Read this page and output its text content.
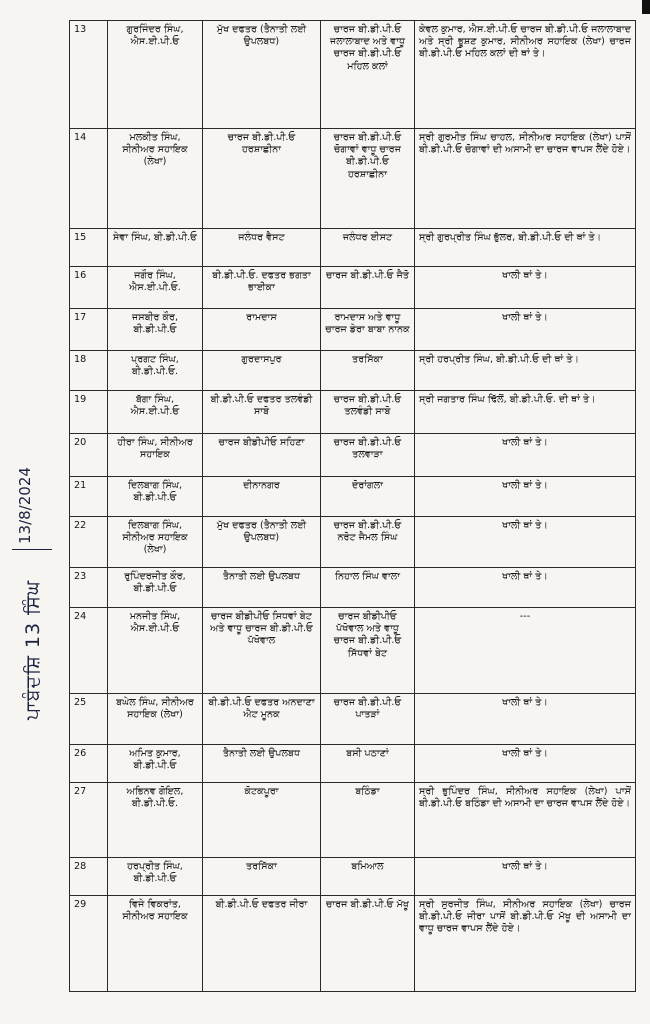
13	ਗੁਰਜਿੰਦਰ ਸਿੰਘ, ਐਸ.ਈ.ਪੀ.ਓ	ਮੁੱਖ ਦਫਤਰ (ਤੈਨਾਤੀ ਲਈ ਉਪਲਬਧ)	ਚਾਰਜ ਬੀ.ਡੀ.ਪੀ.ਓ ਜਲਾਲਾਬਾਦ ਅਤੇ ਵਾਧੂ ਚਾਰਜ ਬੀ.ਡੀ.ਪੀ.ਓ ਮਹਿਲ ਕਲਾਂ	ਕੇਵਲ ਕੁਮਾਰ, ਐਸ.ਈ.ਪੀ.ਓ ਚਾਰਜ ਬੀ.ਡੀ.ਪੀ.ਓ ਜਲਾਲਾਬਾਦ ਅਤੇ ਸ੍ਰੀ ਭੂਸ਼ਣ ਕੁਮਾਰ, ਸੀਨੀਅਰ ਸਹਾਇਕ (ਲੇਖਾ) ਚਾਰਜ ਬੀ.ਡੀ.ਪੀ.ਓ ਮਹਿਲ ਕਲਾਂ ਦੀ ਥਾਂ ਤੇ।
14	ਮਲਕੀਤ ਸਿੰਘ, ਸੀਨੀਅਰ ਸਹਾਇਕ (ਲੇਖਾ)	ਚਾਰਜ ਬੀ.ਡੀ.ਪੀ.ਓ ਹਰਸ਼ਾਛੀਨਾ	ਚਾਰਜ ਬੀ.ਡੀ.ਪੀ.ਓ ਚੋਗਾਵਾਂ ਵਾਧੂ ਚਾਰਜ ਬੀ.ਡੀ.ਪੀ.ਓ ਹਰਸ਼ਾਛੀਨਾ	ਸ੍ਰੀ ਗੁਰਮੀਤ ਸਿੰਘ ਚਾਹਲ, ਸੀਨੀਅਰ ਸਹਾਇਕ (ਲੇਖਾ) ਪਾਸੋਂ ਬੀ.ਡੀ.ਪੀ.ਓ ਚੋਗਾਵਾਂ ਦੀ ਅਸਾਮੀ ਦਾ ਚਾਰਜ ਵਾਪਸ ਲੈਂਦੇ ਹੋਏ।
15	ਸੇਵਾ ਸਿੰਘ, ਬੀ.ਡੀ.ਪੀ.ਓ	ਜਲੰਧਰ ਵੈਸਟ	ਜਲੰਧਰ ਈਸਟ	ਸ੍ਰੀ ਗੁਰਪ੍ਰੀਤ ਸਿੰਘ ਭੁੱਲਰ, ਬੀ.ਡੀ.ਪੀ.ਓ ਦੀ ਥਾਂ ਤੇ।
16	ਜਗੌਰ ਸਿੰਘ, ਐਸ.ਈ.ਪੀ.ਓ.	ਬੀ.ਡੀ.ਪੀ.ਓ. ਦਫਤਰ ਭਗਤਾ ਭਾਈਕਾ	ਚਾਰਜ ਬੀ.ਡੀ.ਪੀ.ਓ ਜੈਤੋ	ਖਾਲੀ ਥਾਂ ਤੇ।
17	ਜਸਬੀਰ ਕੌਰ, ਬੀ.ਡੀ.ਪੀ.ਓ	ਰਾਮਦਾਸ	ਰਾਮਦਾਸ ਅਤੇ ਵਾਧੂ ਚਾਰਜ ਡੇਰਾ ਬਾਬਾ ਨਾਨਕ	ਖਾਲੀ ਥਾਂ ਤੇ।
18	ਪ੍ਰਗਟ ਸਿੰਘ, ਬੀ.ਡੀ.ਪੀ.ਓ.	ਗੁਰਦਾਸਪੁਰ	ਤਰਸਿੱਕਾ	ਸ੍ਰੀ ਹਰਪ੍ਰੀਤ ਸਿੰਘ, ਬੀ.ਡੀ.ਪੀ.ਓ ਦੀ ਥਾਂ ਤੇ।
19	ਬੱਗਾ ਸਿੰਘ, ਐਸ.ਈ.ਪੀ.ਓ	ਬੀ.ਡੀ.ਪੀ.ਓ ਦਫਤਰ ਤਲਵੰਡੀ ਸਾਬੋ	ਚਾਰਜ ਬੀ.ਡੀ.ਪੀ.ਓ ਤਲਵੰਡੀ ਸਾਬੋ	ਸ੍ਰੀ ਜਗਤਾਰ ਸਿੰਘ ਢਿੱਲੋਂ, ਬੀ.ਡੀ.ਪੀ.ਓ. ਦੀ ਥਾਂ ਤੇ।
20	ਹੀਰਾ ਸਿੰਘ, ਸੀਨੀਅਰ ਸਹਾਇਕ	ਚਾਰਜ ਬੀਡੀਪੀਓ ਸਹਿਣਾ	ਚਾਰਜ ਬੀ.ਡੀ.ਪੀ.ਓ ਤਲਵਾੜਾ	ਖਾਲੀ ਥਾਂ ਤੇ।
21	ਦਿਲਬਾਗ ਸਿੰਘ, ਬੀ.ਡੀ.ਪੀ.ਓ	ਦੀਨਾਨਗਰ	ਦੋਰਾਂਗਲਾ	ਖਾਲੀ ਥਾਂ ਤੇ।
22	ਦਿਲਬਾਗ ਸਿੰਘ, ਸੀਨੀਅਰ ਸਹਾਇਕ (ਲੇਖਾ)	ਮੁੱਖ ਦਫਤਰ (ਤੈਨਾਤੀ ਲਈ ਉਪਲਬਧ)	ਚਾਰਜ ਬੀ.ਡੀ.ਪੀ.ਓ ਨਰੋਟ ਜੈਮਲ ਸਿੰਘ	ਖਾਲੀ ਥਾਂ ਤੇ।
23	ਰੁਪਿੰਦਰਜੀਤ ਕੌਰ, ਬੀ.ਡੀ.ਪੀ.ਓ	ਤੈਨਾਤੀ ਲਈ ਉਪਲਬਧ	ਨਿਹਾਲ ਸਿੰਘ ਵਾਲਾ	ਖਾਲੀ ਥਾਂ ਤੇ।
24	ਮਨਜੀਤ ਸਿੰਘ, ਐਸ.ਈ.ਪੀ.ਓ	ਚਾਰਜ ਬੀਡੀਪੀਓ ਸਿਧਵਾਂ ਬੇਟ ਅਤੇ ਵਾਧੂ ਚਾਰਜ ਬੀ.ਡੀ.ਪੀ.ਓ ਪੱਖੋਵਾਲ	ਚਾਰਜ ਬੀਡੀਪੀਓ ਪੱਖੋਵਾਲ ਅਤੇ ਵਾਧੂ ਚਾਰਜ ਬੀ.ਡੀ.ਪੀ.ਓ ਸਿੱਧਵਾਂ ਬੇਟ	---
25	ਬਘੇਲ ਸਿੰਘ, ਸੀਨੀਅਰ ਸਹਾਇਕ (ਲੇਖਾ)	ਬੀ.ਡੀ.ਪੀ.ਓ ਦਫਤਰ ਅਨਦਾਣਾ ਐਟ ਮੂਨਕ	ਚਾਰਜ ਬੀ.ਡੀ.ਪੀ.ਓ ਪਾਤੜਾਂ	ਖਾਲੀ ਥਾਂ ਤੇ।
26	ਅਮਿਤ ਕੁਮਾਰ, ਬੀ.ਡੀ.ਪੀ.ਓ	ਤੈਨਾਤੀ ਲਈ ਉਪਲਬਧ	ਬਸੀ ਪਠਾਣਾਂ	ਖਾਲੀ ਥਾਂ ਤੇ।
27	ਅਭਿਨਵ ਗੋਇਲ, ਬੀ.ਡੀ.ਪੀ.ਓ.	ਕੋਟਕਪੂਰਾ	ਬਠਿੰਡਾ	ਸ੍ਰੀ ਭੁਪਿੰਦਰ ਸਿੰਘ, ਸੀਨੀਅਰ ਸਹਾਇਕ (ਲੇਖਾ) ਪਾਸੋਂ ਬੀ.ਡੀ.ਪੀ.ਓ ਬਠਿੰਡਾ ਦੀ ਅਸਾਮੀ ਦਾ ਚਾਰਜ ਵਾਪਸ ਲੈਂਦੇ ਹੋਏ।
28	ਹਰਪ੍ਰੀਤ ਸਿੰਘ, ਬੀ.ਡੀ.ਪੀ.ਓ	ਤਰਸਿੱਕਾ	ਬਮਿਆਲ	ਖਾਲੀ ਥਾਂ ਤੇ।
29	ਵਿਜੇ ਵਿਕਰਾਂਤ, ਸੀਨੀਅਰ ਸਹਾਇਕ	ਬੀ.ਡੀ.ਪੀ.ਓ ਦਫਤਰ ਜੀਰਾ	ਚਾਰਜ ਬੀ.ਡੀ.ਪੀ.ਓ ਮੱਖੂ	ਸ੍ਰੀ ਸੁਰਜੀਤ ਸਿੰਘ, ਸੀਨੀਅਰ ਸਹਾਇਕ (ਲੇਖਾ) ਚਾਰਜ ਬੀ.ਡੀ.ਪੀ.ਓ ਜੀਰਾ ਪਾਸੋਂ ਬੀ.ਡੀ.ਪੀ.ਓ ਮੱਖੂ ਦੀ ਅਸਾਮੀ ਦਾ ਵਾਧੂ ਚਾਰਜ ਵਾਪਸ ਲੈਂਦੇ ਹੋਏ।
ਪਾਬੰਦਸ਼ਿ 13 ਸਿੰਘ
13/8/2024
